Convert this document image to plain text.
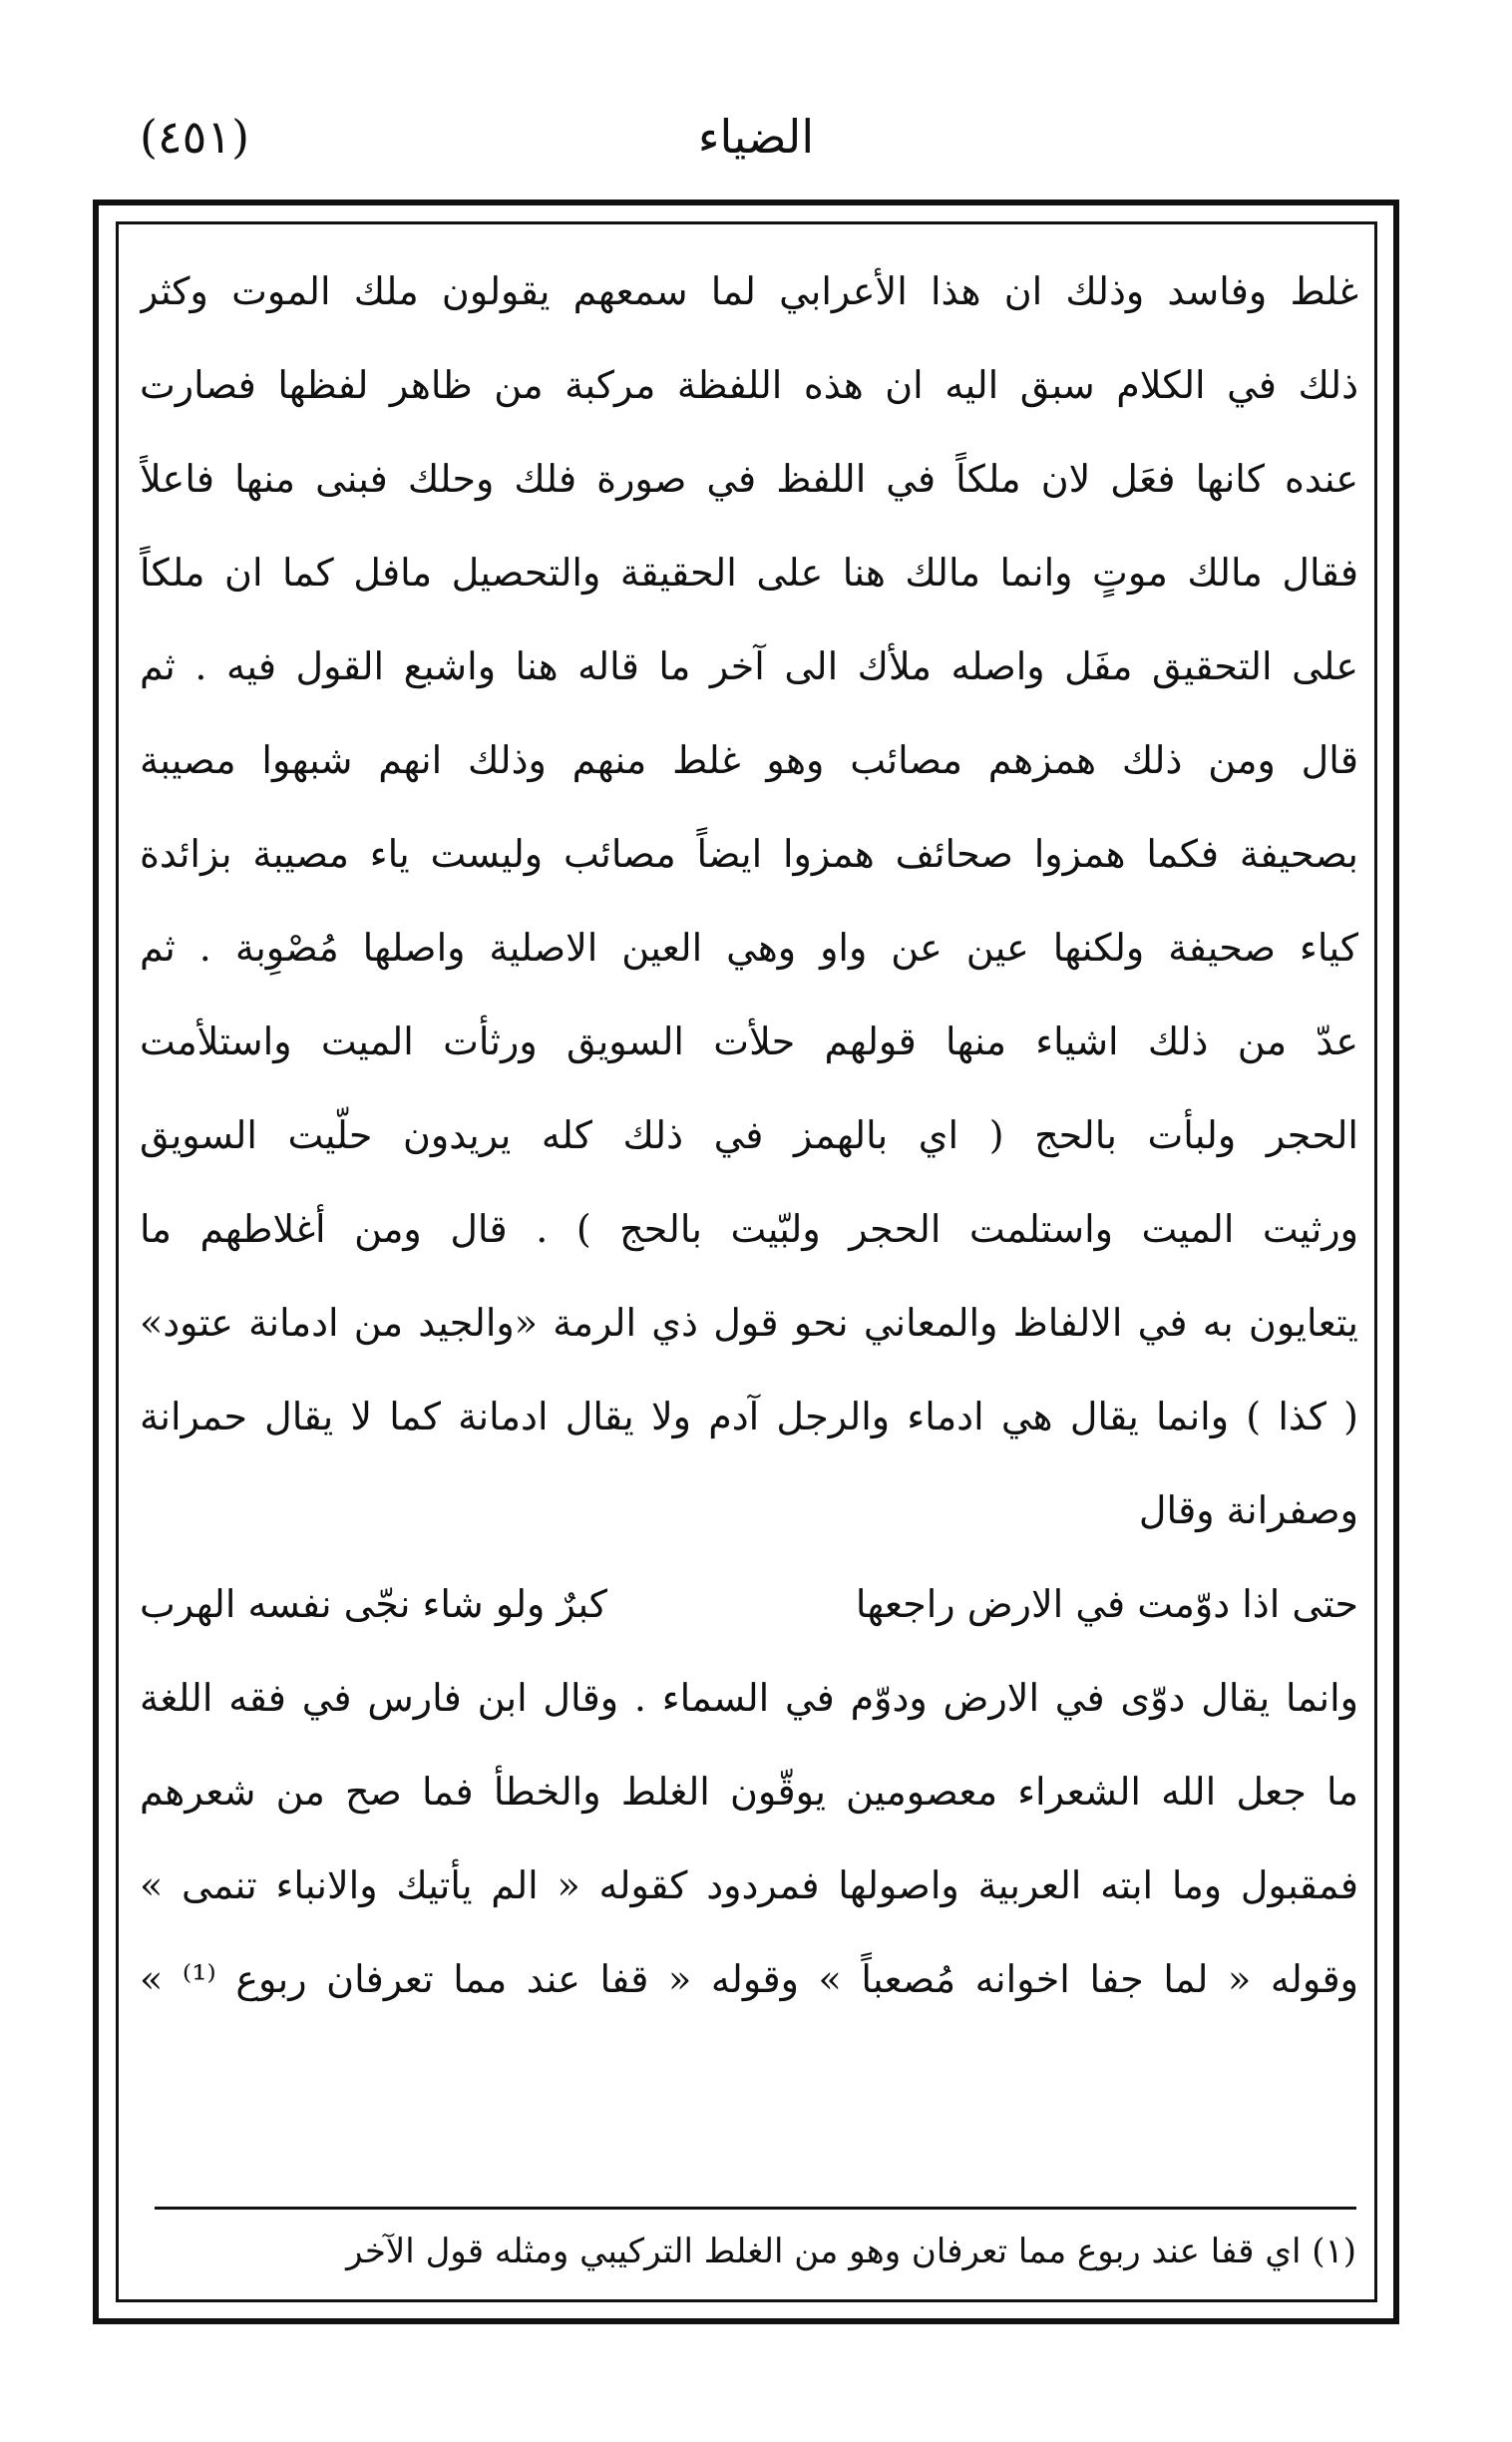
الضياء
(٤٥١)
غلط وفاسد وذلك ان هذا الأعرابي لما سمعهم يقولون ملك الموت وكثر
ذلك في الكلام سبق اليه ان هذه اللفظة مركبة من ظاهر لفظها فصارت
عنده كانها فعَل لان ملكاً في اللفظ في صورة فلك وحلك فبنى منها فاعلاً
فقال مالك موتٍ وانما مالك هنا على الحقيقة والتحصيل مافل كما ان ملكاً
على التحقيق مفَل واصله ملأك الى آخر ما قاله هنا واشبع القول فيه . ثم
قال ومن ذلك همزهم مصائب وهو غلط منهم وذلك انهم شبهوا مصيبة
بصحيفة فكما همزوا صحائف همزوا ايضاً مصائب وليست ياء مصيبة بزائدة
كياء صحيفة ولكنها عين عن واو وهي العين الاصلية واصلها مُصْوِبة . ثم
عدّ من ذلك اشياء منها قولهم حلأت السويق ورثأت الميت واستلأمت
الحجر ولبأت بالحج ( اي بالهمز في ذلك كله يريدون حلّيت السويق
ورثيت الميت واستلمت الحجر ولبّيت بالحج ) . قال ومن أغلاطهم ما
يتعايون به في الالفاظ والمعاني نحو قول ذي الرمة «والجيد من ادمانة عتود»
( كذا ) وانما يقال هي ادماء والرجل آدم ولا يقال ادمانة كما لا يقال حمرانة
وصفرانة وقال
حتى اذا دوّمت في الارض راجعها
كبرٌ ولو شاء نجّى نفسه الهرب
وانما يقال دوّى في الارض ودوّم في السماء . وقال ابن فارس في فقه اللغة
ما جعل الله الشعراء معصومين يوقّون الغلط والخطأ فما صح من شعرهم
فمقبول وما ابته العربية واصولها فمردود كقوله « الم يأتيك والانباء تنمى »
وقوله « لما جفا اخوانه مُصعباً » وقوله « قفا عند مما تعرفان ربوع ⁽¹⁾ »
(١) اي قفا عند ربوع مما تعرفان وهو من الغلط التركيبي ومثله قول الآخر
